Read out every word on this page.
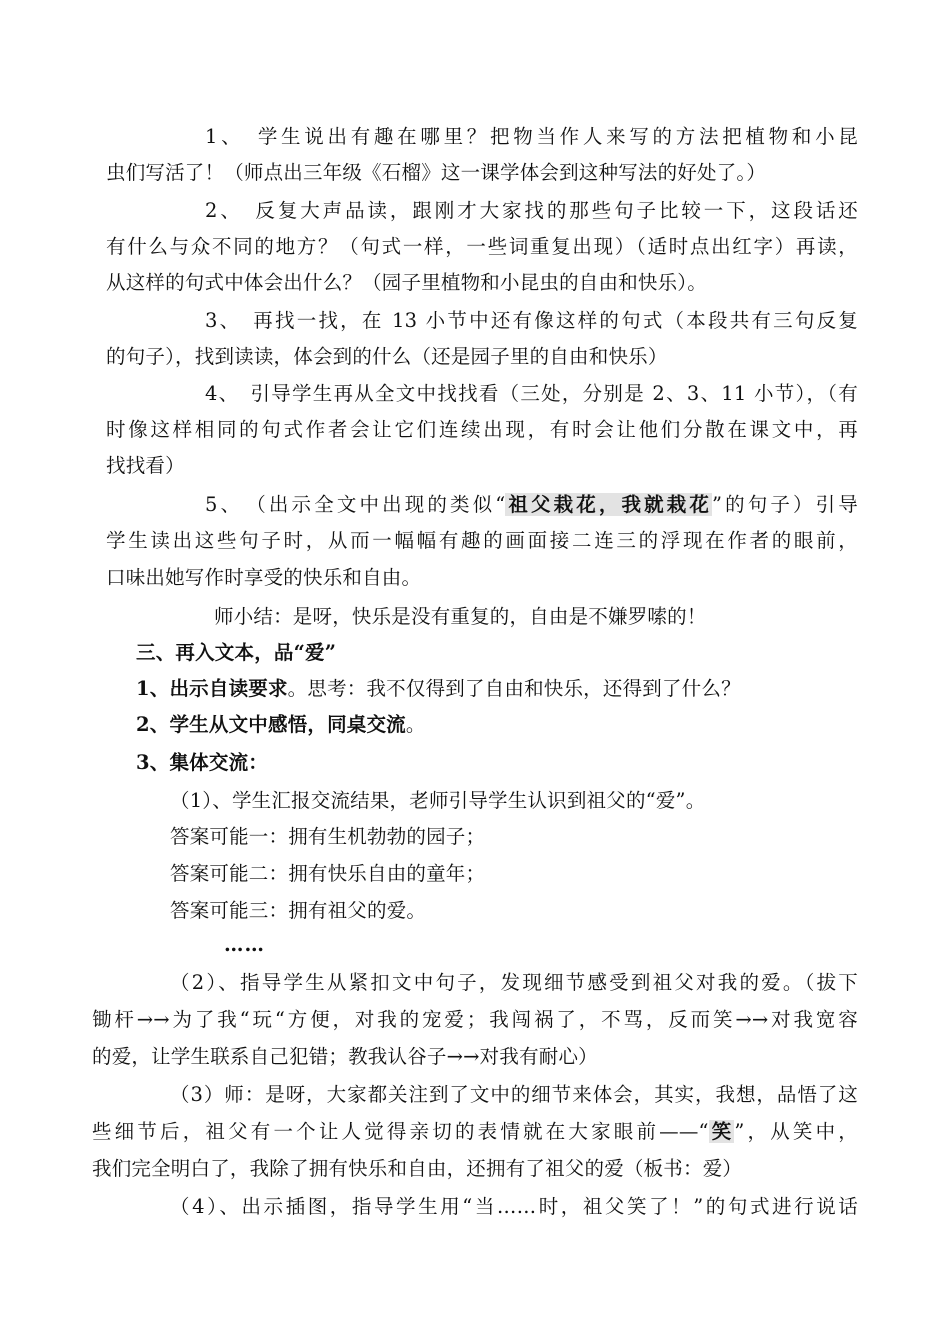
1、　学生说出有趣在哪里？把物当作人来写的方法把植物和小昆
虫们写活了！（师点出三年级《石榴》这一课学体会到这种写法的好处了。）
2、　反复大声品读，跟刚才大家找的那些句子比较一下，这段话还
有什么与众不同的地方？（句式一样，一些词重复出现）（适时点出红字）再读，
从这样的句式中体会出什么？（园子里植物和小昆虫的自由和快乐）。
3、　再找一找，在 13 小节中还有像这样的句式（本段共有三句反复
的句子），找到读读，体会到的什么（还是园子里的自由和快乐）
4、　引导学生再从全文中找找看（三处，分别是 2、3、11 小节），（有
时像这样相同的句式作者会让它们连续出现，有时会让他们分散在课文中，再
找找看）
5、　（出示全文中出现的类似“祖父栽花，我就栽花”的句子）引导
学生读出这些句子时，从而一幅幅有趣的画面接二连三的浮现在作者的眼前，
口味出她写作时享受的快乐和自由。
师小结：是呀，快乐是没有重复的，自由是不嫌罗嗦的！
三、再入文本，品“爱”
1、出示自读要求。思考：我不仅得到了自由和快乐，还得到了什么？
2、学生从文中感悟，同桌交流。
3、集体交流：
（1）、学生汇报交流结果，老师引导学生认识到祖父的“爱”。
答案可能一：拥有生机勃勃的园子；
答案可能二：拥有快乐自由的童年；
答案可能三：拥有祖父的爱。
……
（2）、指导学生从紧扣文中句子，发现细节感受到祖父对我的爱。（拔下
锄杆→→为了我“玩“方便，对我的宠爱；我闯祸了，不骂，反而笑→→对我宽容
的爱，让学生联系自己犯错；教我认谷子→→对我有耐心）
（3）师：是呀，大家都关注到了文中的细节来体会，其实，我想，品悟了这
些细节后，祖父有一个让人觉得亲切的表情就在大家眼前——“笑”，从笑中，
我们完全明白了，我除了拥有快乐和自由，还拥有了祖父的爱（板书：爱）
（4）、出示插图，指导学生用“当……时，祖父笑了！”的句式进行说话
